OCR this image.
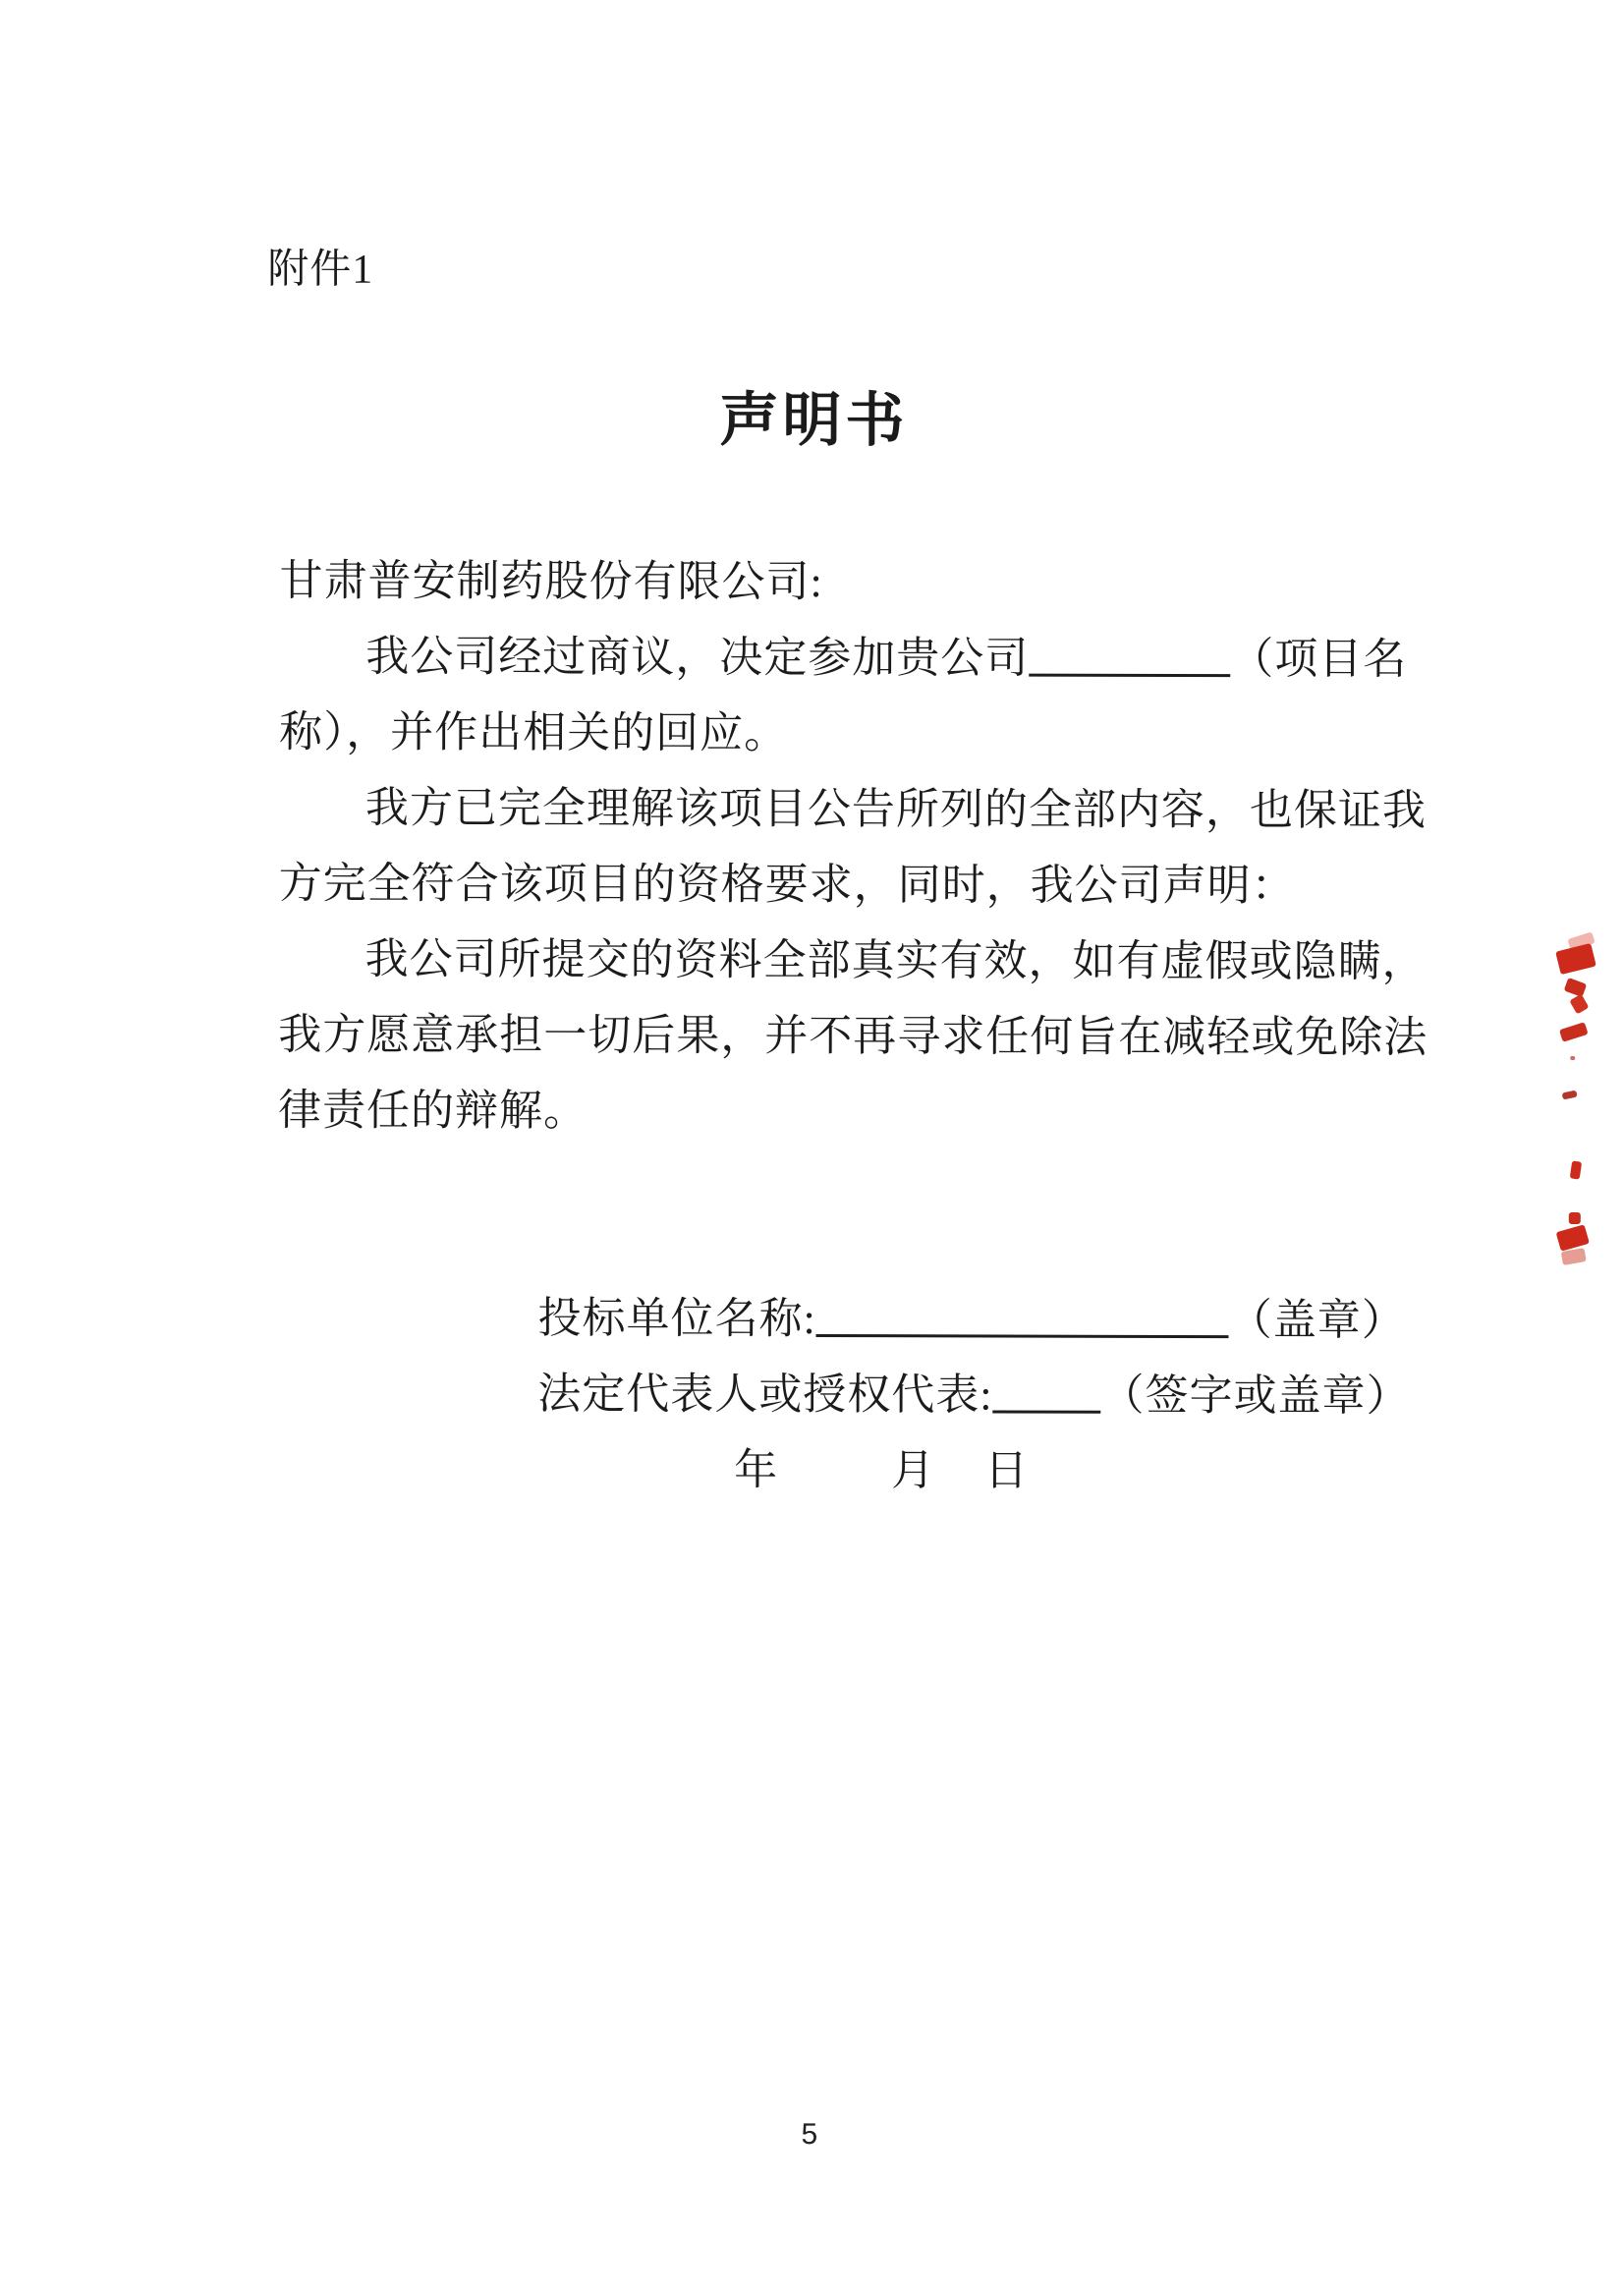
附件1
声明书
甘肃普安制药股份有限公司:
我公司经过商议，决定参加贵公司	（项目名
称），并作出相关的回应。
我方已完全理解该项目公告所列的全部内容，也保证我
方完全符合该项目的资格要求，同时，我公司声明：
我公司所提交的资料全部真实有效，如有虚假或隐瞒，
我方愿意承担一切后果，并不再寻求任何旨在减轻或免除法
律责任的辩解。
投标单位名称:	（盖章）
法定代表人或授权代表: （签字或盖章）
年	月 日
5
